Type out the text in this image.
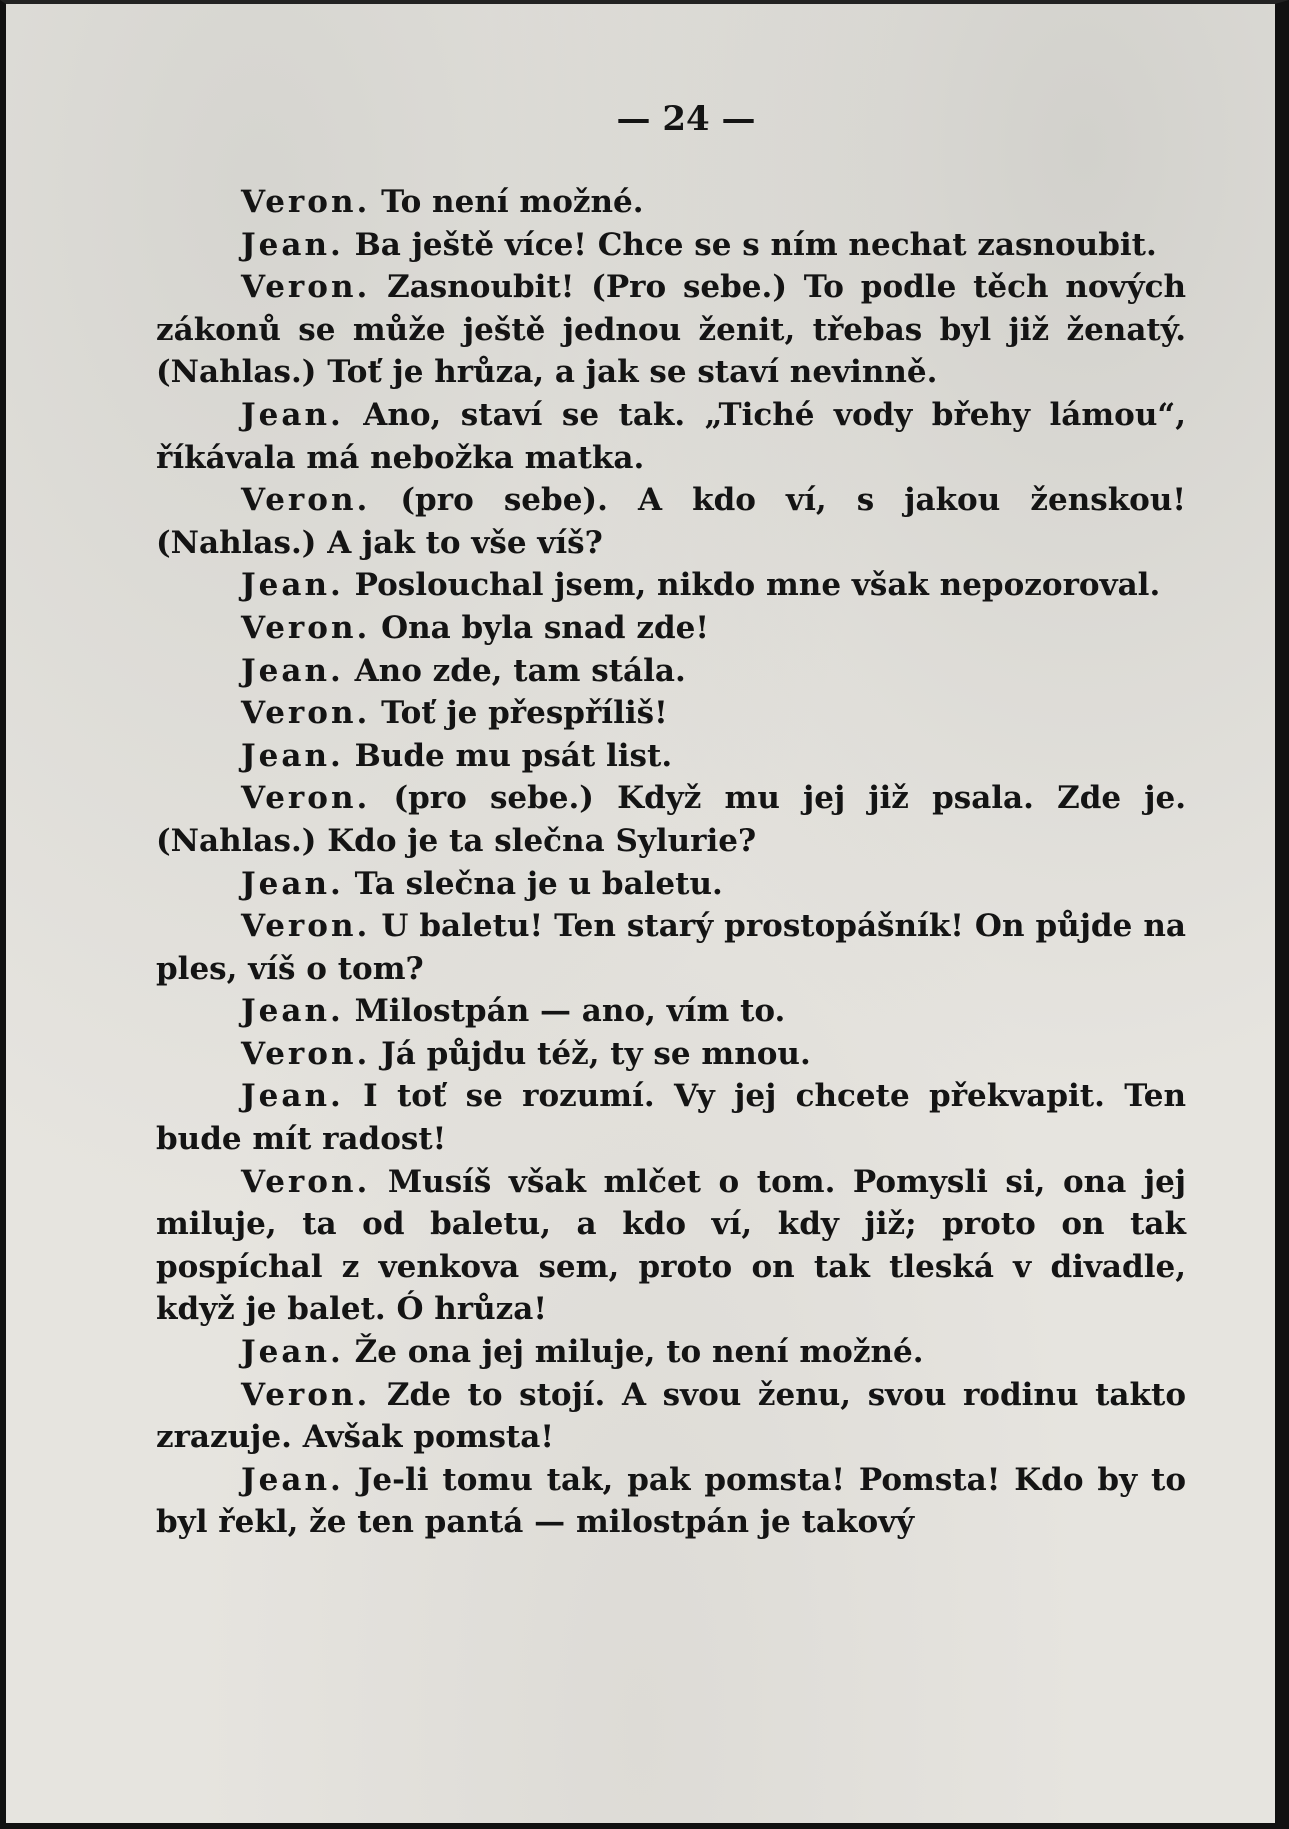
— 24 —

Veron. To není možné.

Jean. Ba ještě více! Chce se s ním nechat zasnoubit.

Veron. Zasnoubit! (Pro sebe.) To podle těch nových zákonů se může ještě jednou ženit, třebas byl již ženatý. (Nahlas.) Toť je hrůza, a jak se staví nevinně.

Jean. Ano, staví se tak. „Tiché vody břehy lámou“, říkávala má nebožka matka.

Veron. (pro sebe). A kdo ví, s jakou ženskou! (Nahlas.) A jak to vše víš?

Jean. Poslouchal jsem, nikdo mne však nepozoroval.

Veron. Ona byla snad zde!

Jean. Ano zde, tam stála.

Veron. Toť je přespříliš!

Jean. Bude mu psát list.

Veron. (pro sebe.) Když mu jej již psala. Zde je. (Nahlas.) Kdo je ta slečna Sylurie?

Jean. Ta slečna je u baletu.

Veron. U baletu! Ten starý prostopášník! On půjde na ples, víš o tom?

Jean. Milostpán — ano, vím to.

Veron. Já půjdu též, ty se mnou.

Jean. I toť se rozumí. Vy jej chcete překvapit. Ten bude mít radost!

Veron. Musíš však mlčet o tom. Pomysli si, ona jej miluje, ta od baletu, a kdo ví, kdy již; proto on tak pospíchal z venkova sem, proto on tak tleská v divadle, když je balet. Ó hrůza!

Jean. Že ona jej miluje, to není možné.

Veron. Zde to stojí. A svou ženu, svou rodinu takto zrazuje. Avšak pomsta!

Jean. Je-li tomu tak, pak pomsta! Pomsta! Kdo by to byl řekl, že ten pantá — milostpán je takový
